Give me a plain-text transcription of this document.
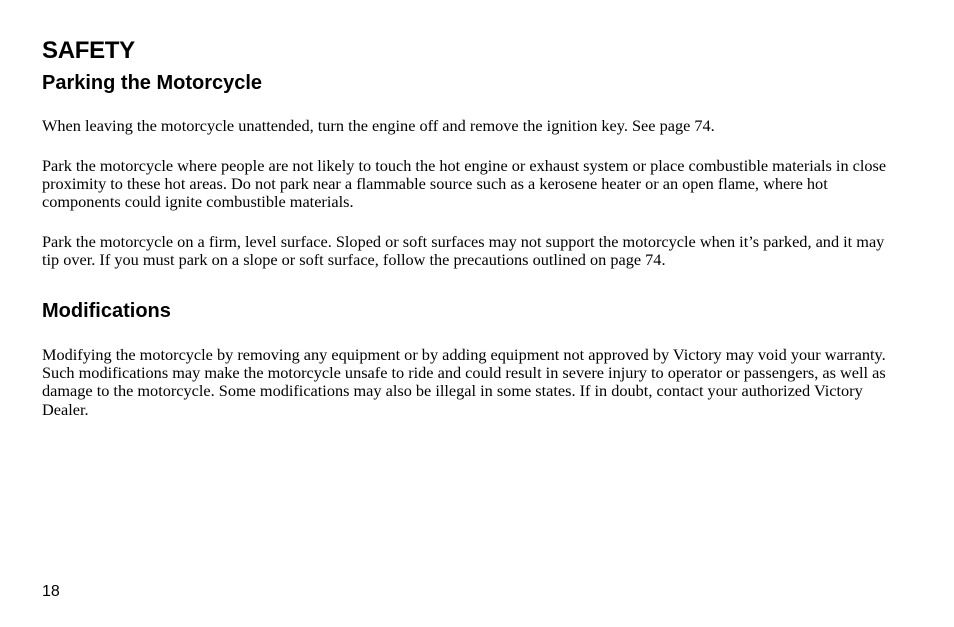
SAFETY
Parking the Motorcycle

When leaving the motorcycle unattended, turn the engine off and remove the ignition key. See page 74.

Park the motorcycle where people are not likely to touch the hot engine or exhaust system or place combustible materials in close proximity to these hot areas. Do not park near a flammable source such as a kerosene heater or an open flame, where hot components could ignite combustible materials.

Park the motorcycle on a firm, level surface. Sloped or soft surfaces may not support the motorcycle when it’s parked, and it may tip over. If you must park on a slope or soft surface, follow the precautions outlined on page 74.

Modifications

Modifying the motorcycle by removing any equipment or by adding equipment not approved by Victory may void your warranty. Such modifications may make the motorcycle unsafe to ride and could result in severe injury to operator or passengers, as well as damage to the motorcycle. Some modifications may also be illegal in some states. If in doubt, contact your authorized Victory Dealer.

18
